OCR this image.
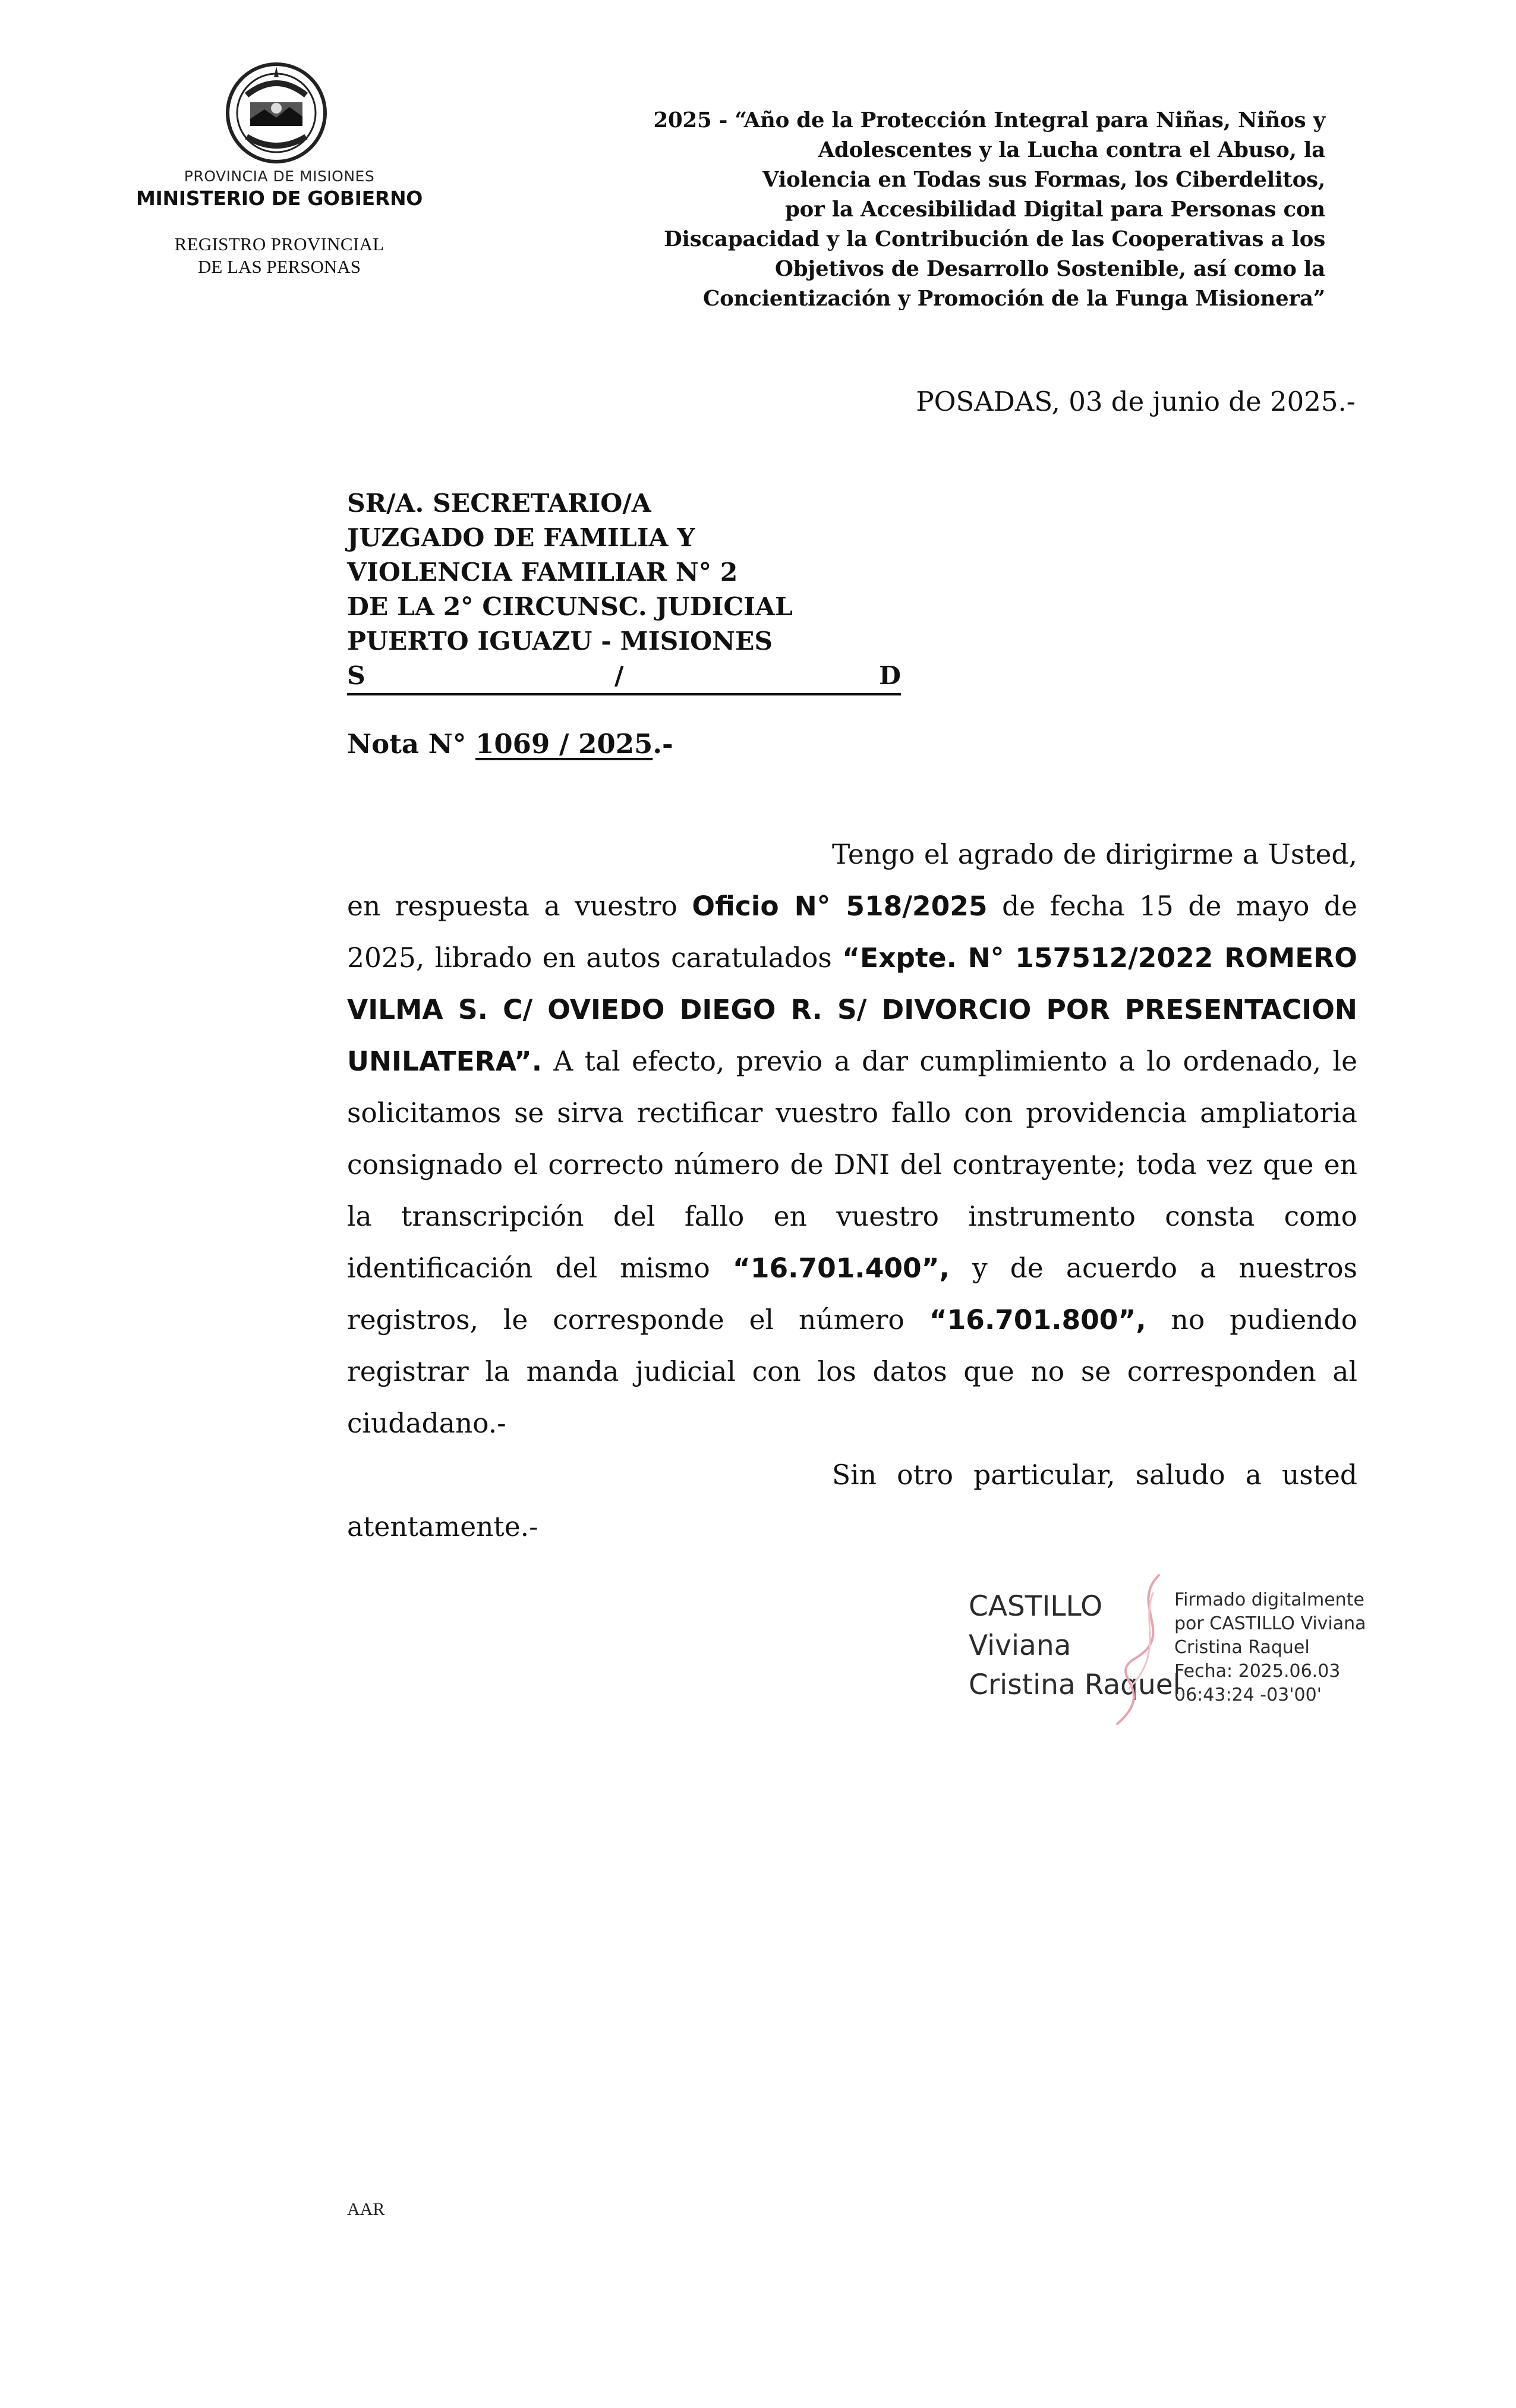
PROVINCIA DE MISIONES
MINISTERIO DE GOBIERNO
REGISTRO PROVINCIAL
DE LAS PERSONAS
2025 - “Año de la Protección Integral para Niñas, Niños y
Adolescentes y la Lucha contra el Abuso, la
Violencia en Todas sus Formas, los Ciberdelitos,
por la Accesibilidad Digital para Personas con
Discapacidad y la Contribución de las Cooperativas a los
Objetivos de Desarrollo Sostenible, así como la
Concientización y Promoción de la Funga Misionera”
POSADAS, 03 de junio de 2025.-
SR/A. SECRETARIO/A
JUZGADO DE FAMILIA Y
VIOLENCIA FAMILIAR N° 2
DE LA 2° CIRCUNSC. JUDICIAL
PUERTO IGUAZU - MISIONES
S	/	D
Nota N° 1069 / 2025.-
Tengo el agrado de dirigirme a Usted, en respuesta a vuestro Oficio N° 518/2025 de fecha 15 de mayo de 2025, librado en autos caratulados “Expte. N° 157512/2022 ROMERO VILMA S. C/ OVIEDO DIEGO R. S/ DIVORCIO POR PRESENTACION UNILATERA”. A tal efecto, previo a dar cumplimiento a lo ordenado, le solicitamos se sirva rectificar vuestro fallo con providencia ampliatoria consignado el correcto número de DNI del contrayente; toda vez que en la transcripción del fallo en vuestro instrumento consta como identificación del mismo “16.701.400”, y de acuerdo a nuestros registros, le corresponde el número “16.701.800”, no pudiendo registrar la manda judicial con los datos que no se corresponden al ciudadano.-
Sin otro particular, saludo a usted atentamente.-
CASTILLO
Viviana
Cristina Raquel
Firmado digitalmente
por CASTILLO Viviana
Cristina Raquel
Fecha: 2025.06.03
06:43:24 -03'00'
AAR
